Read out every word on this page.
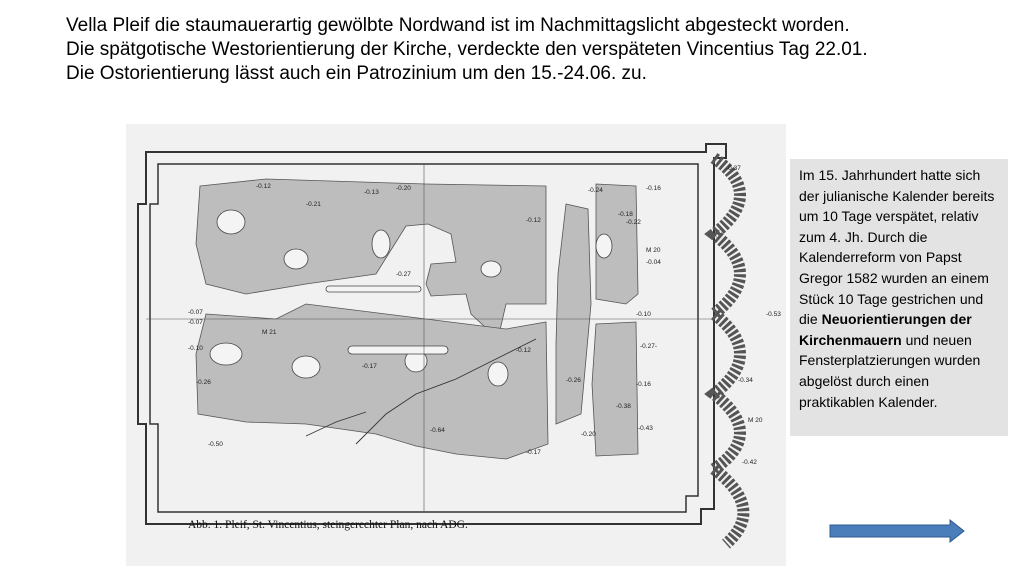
Vella Pleif die staumauerartig gewölbte Nordwand ist im Nachmittagslicht abgesteckt worden.
Die spätgotische Westorientierung der Kirche, verdeckte den verspäteten Vincentius Tag 22.01.
Die Ostorientierung lässt auch ein Patrozinium um den 15.-24.06. zu.
-0.12
-0.13
-0.20	-0.24	-0.16
-0.21
-0.12
-0.18
-0.22
M 20
-0.04
-0.27
-0.07
-0.07
-0.10
M 21
-0.17
-0.12
-0.10
-0.27-
-0.26	-0.26
-0.16
-0.38
-0.34
M 20
-0.50
-0.64
-0.17
-0.20
-0.43
-0.53
-0.37
-0.42
Abb. 1. Pleif, St. Vincentius, steingerechter Plan, nach ADG.
Im 15. Jahrhundert hatte sich der julianische Kalender bereits um 10 Tage verspätet, relativ zum 4. Jh. Durch die Kalenderreform von Papst Gregor 1582 wurden an einem Stück 10 Tage gestrichen und die Neuorientierungen der Kirchenmauern und neuen Fensterplatzierungen wurden abgelöst durch einen praktikablen Kalender.
